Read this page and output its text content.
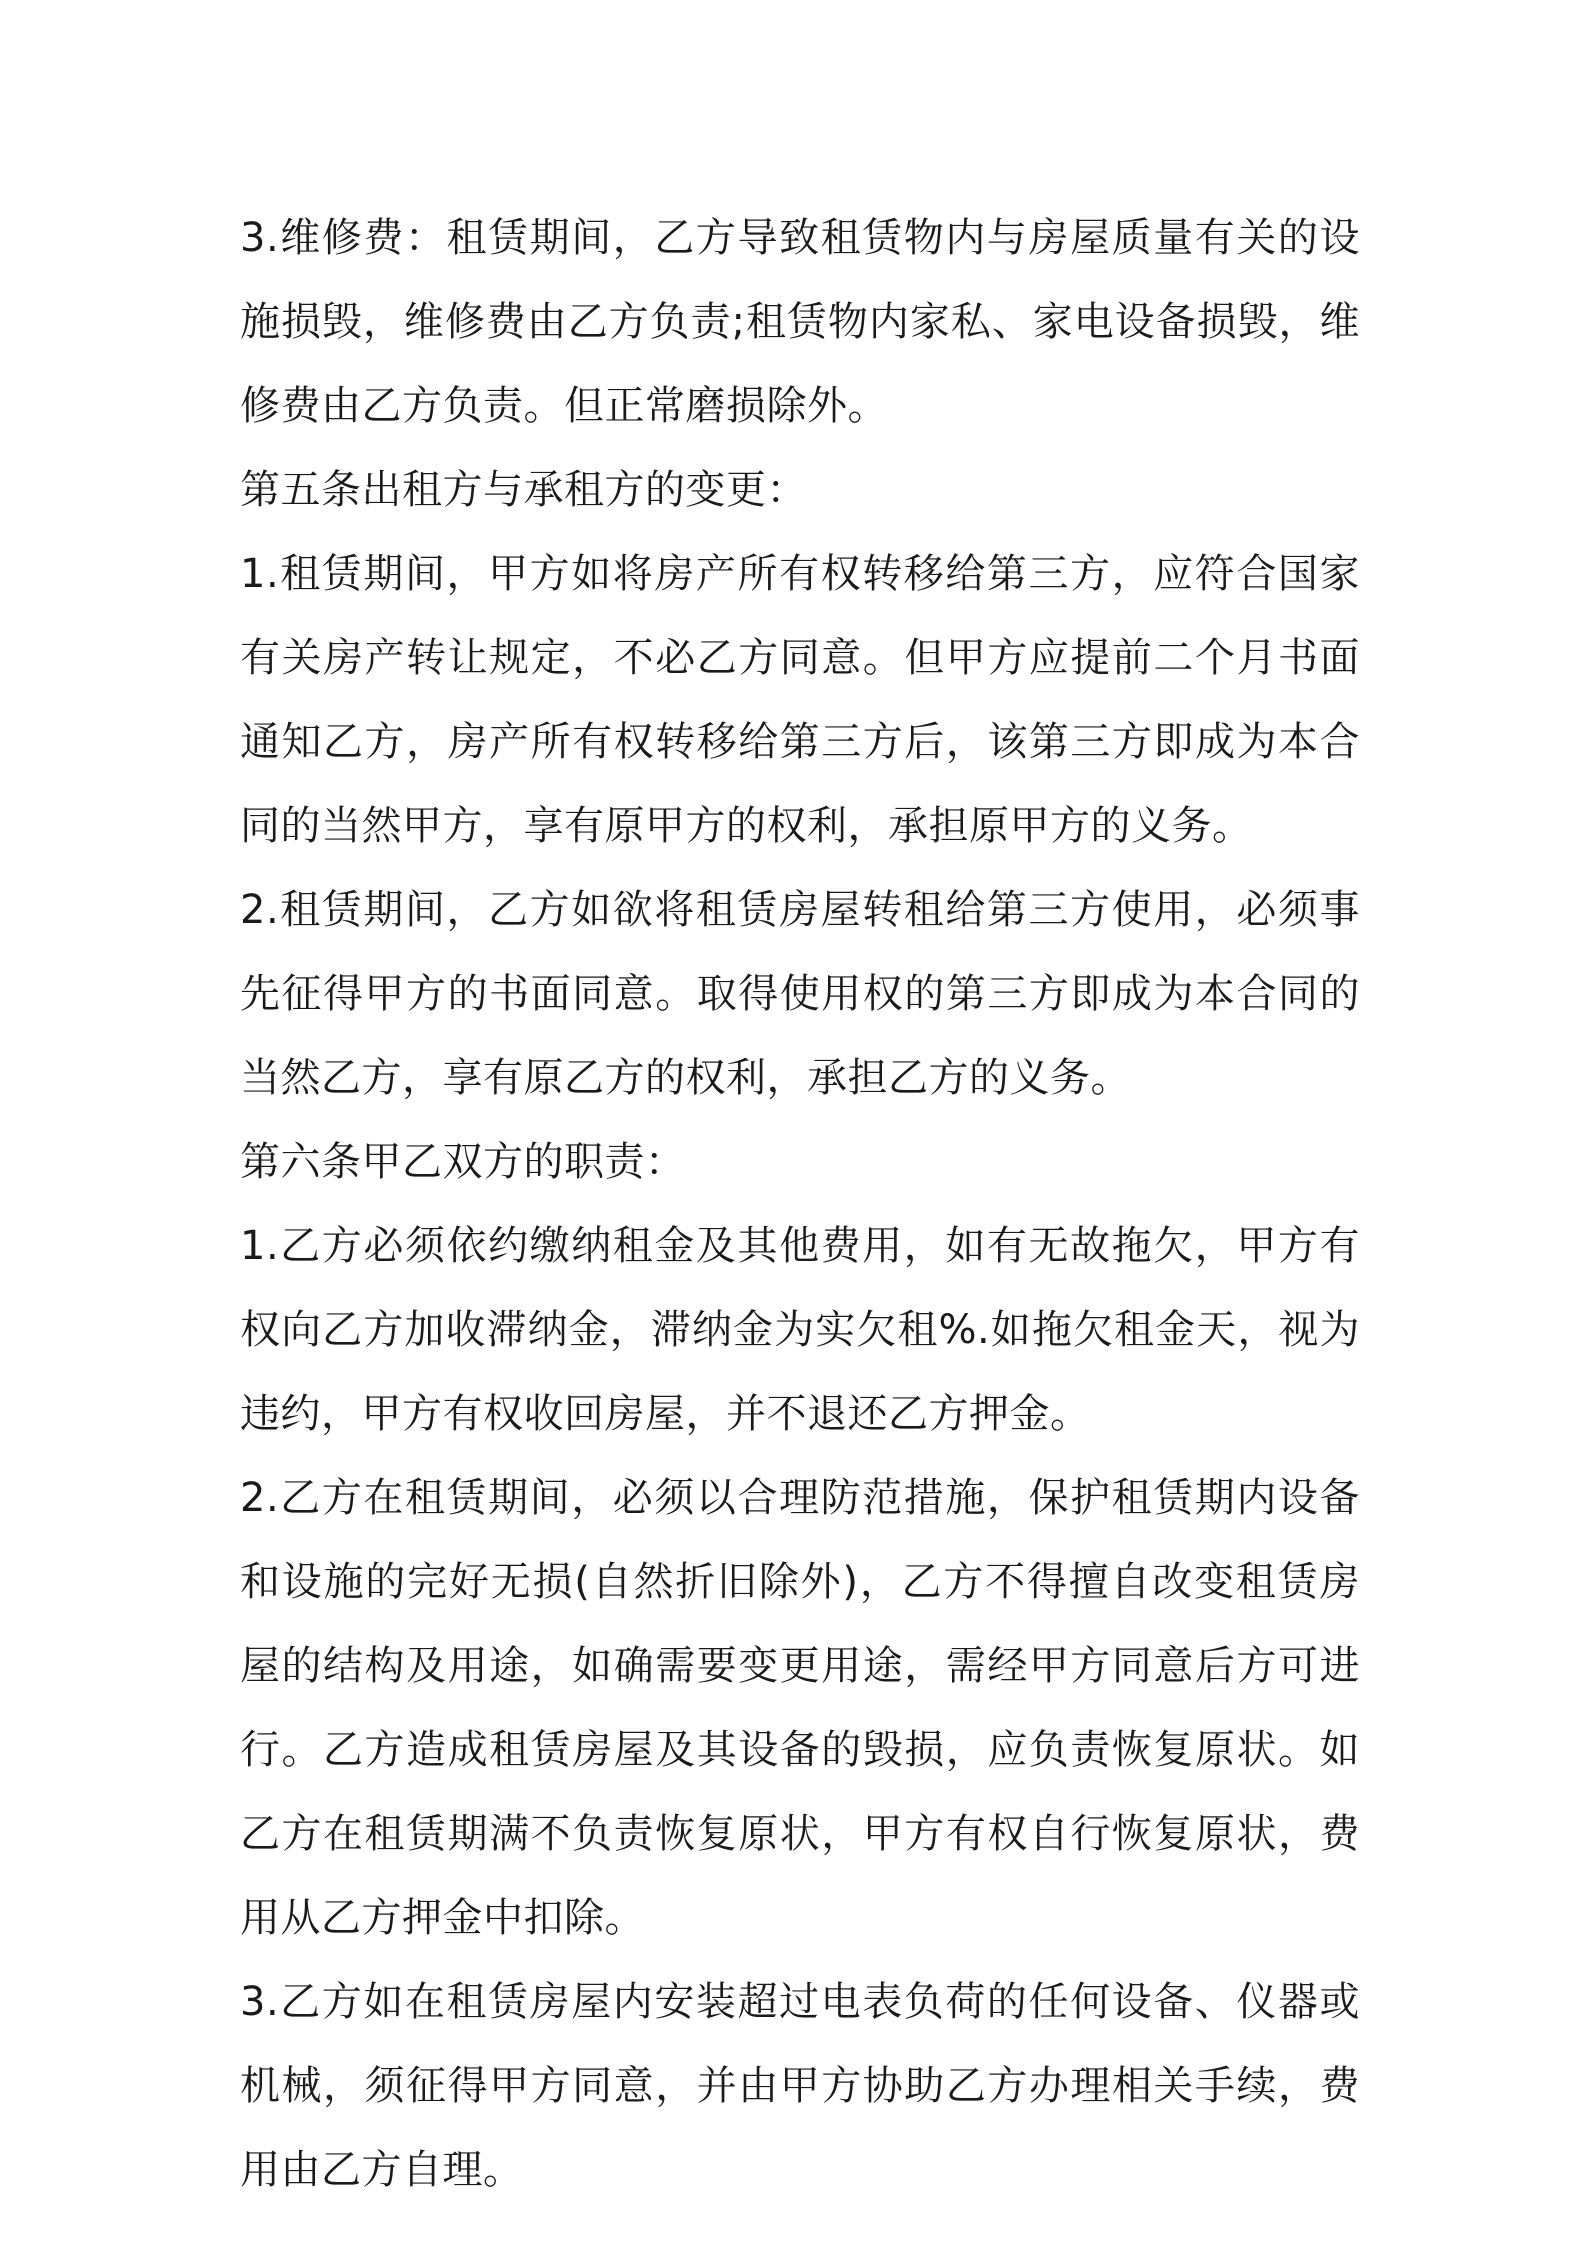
3.维修费：租赁期间，乙方导致租赁物内与房屋质量有关的设施损毁，维修费由乙方负责;租赁物内家私、家电设备损毁，维修费由乙方负责。但正常磨损除外。

第五条出租方与承租方的变更：

1.租赁期间，甲方如将房产所有权转移给第三方，应符合国家有关房产转让规定，不必乙方同意。但甲方应提前二个月书面通知乙方，房产所有权转移给第三方后，该第三方即成为本合同的当然甲方，享有原甲方的权利，承担原甲方的义务。

2.租赁期间，乙方如欲将租赁房屋转租给第三方使用，必须事先征得甲方的书面同意。取得使用权的第三方即成为本合同的当然乙方，享有原乙方的权利，承担乙方的义务。

第六条甲乙双方的职责：

1.乙方必须依约缴纳租金及其他费用，如有无故拖欠，甲方有权向乙方加收滞纳金，滞纳金为实欠租%.如拖欠租金天，视为违约，甲方有权收回房屋，并不退还乙方押金。

2.乙方在租赁期间，必须以合理防范措施，保护租赁期内设备和设施的完好无损(自然折旧除外)，乙方不得擅自改变租赁房屋的结构及用途，如确需要变更用途，需经甲方同意后方可进行。乙方造成租赁房屋及其设备的毁损，应负责恢复原状。如乙方在租赁期满不负责恢复原状，甲方有权自行恢复原状，费用从乙方押金中扣除。

3.乙方如在租赁房屋内安装超过电表负荷的任何设备、仪器或机械，须征得甲方同意，并由甲方协助乙方办理相关手续，费用由乙方自理。
